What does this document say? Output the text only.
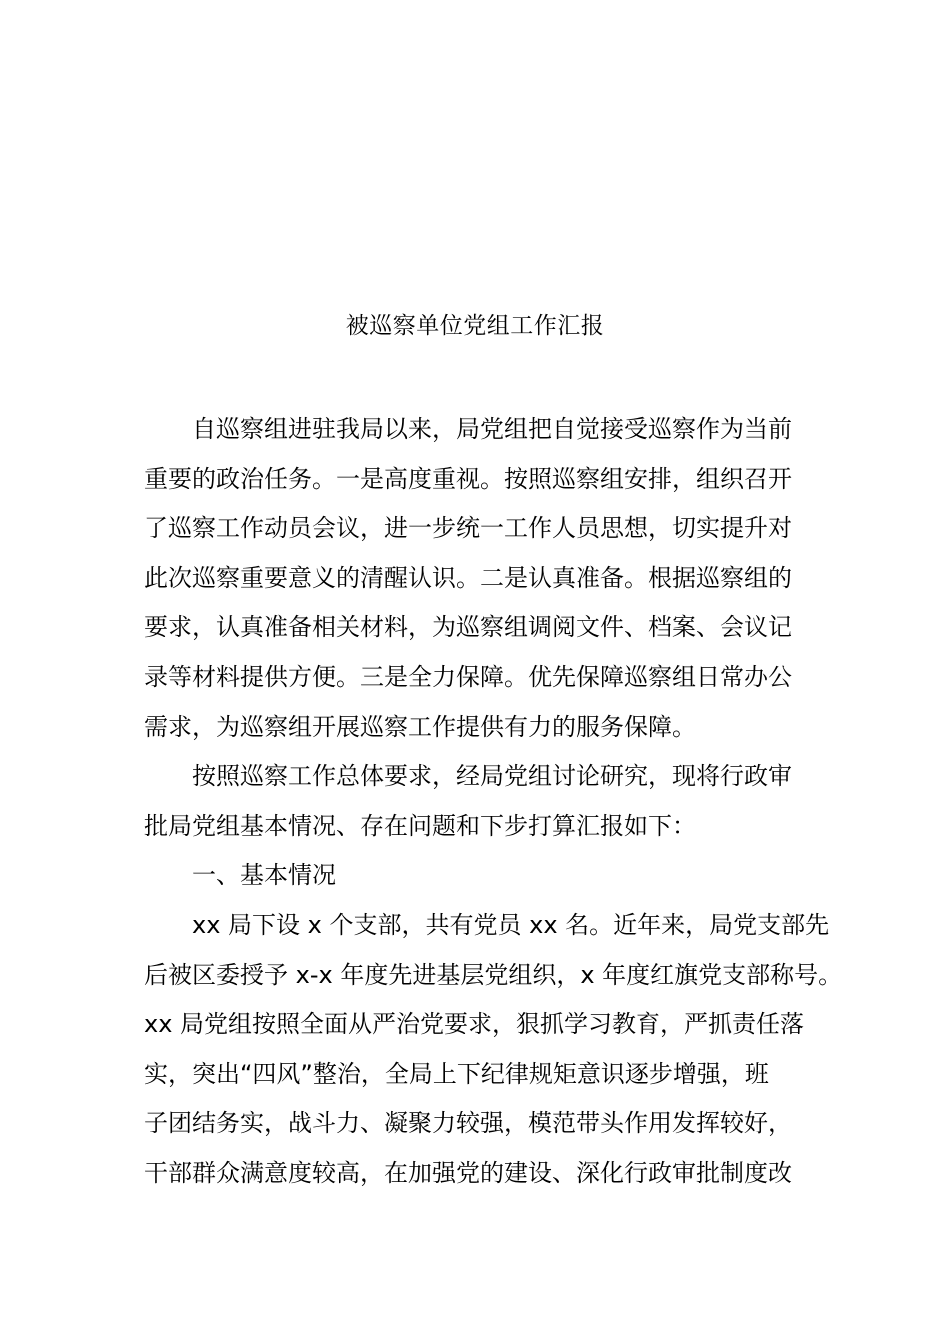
被巡察单位党组工作汇报
自巡察组进驻我局以来，局党组把自觉接受巡察作为当前
重要的政治任务。一是高度重视。按照巡察组安排，组织召开
了巡察工作动员会议，进一步统一工作人员思想，切实提升对
此次巡察重要意义的清醒认识。二是认真准备。根据巡察组的
要求，认真准备相关材料，为巡察组调阅文件、档案、会议记
录等材料提供方便。三是全力保障。优先保障巡察组日常办公
需求，为巡察组开展巡察工作提供有力的服务保障。
按照巡察工作总体要求，经局党组讨论研究，现将行政审
批局党组基本情况、存在问题和下步打算汇报如下：
一、基本情况
xx 局下设 x 个支部，共有党员 xx 名。近年来，局党支部先
后被区委授予 x-x 年度先进基层党组织，x 年度红旗党支部称号。
xx 局党组按照全面从严治党要求，狠抓学习教育，严抓责任落
实，突出“四风”整治，全局上下纪律规矩意识逐步增强，班
子团结务实，战斗力、凝聚力较强，模范带头作用发挥较好，
干部群众满意度较高，在加强党的建设、深化行政审批制度改
